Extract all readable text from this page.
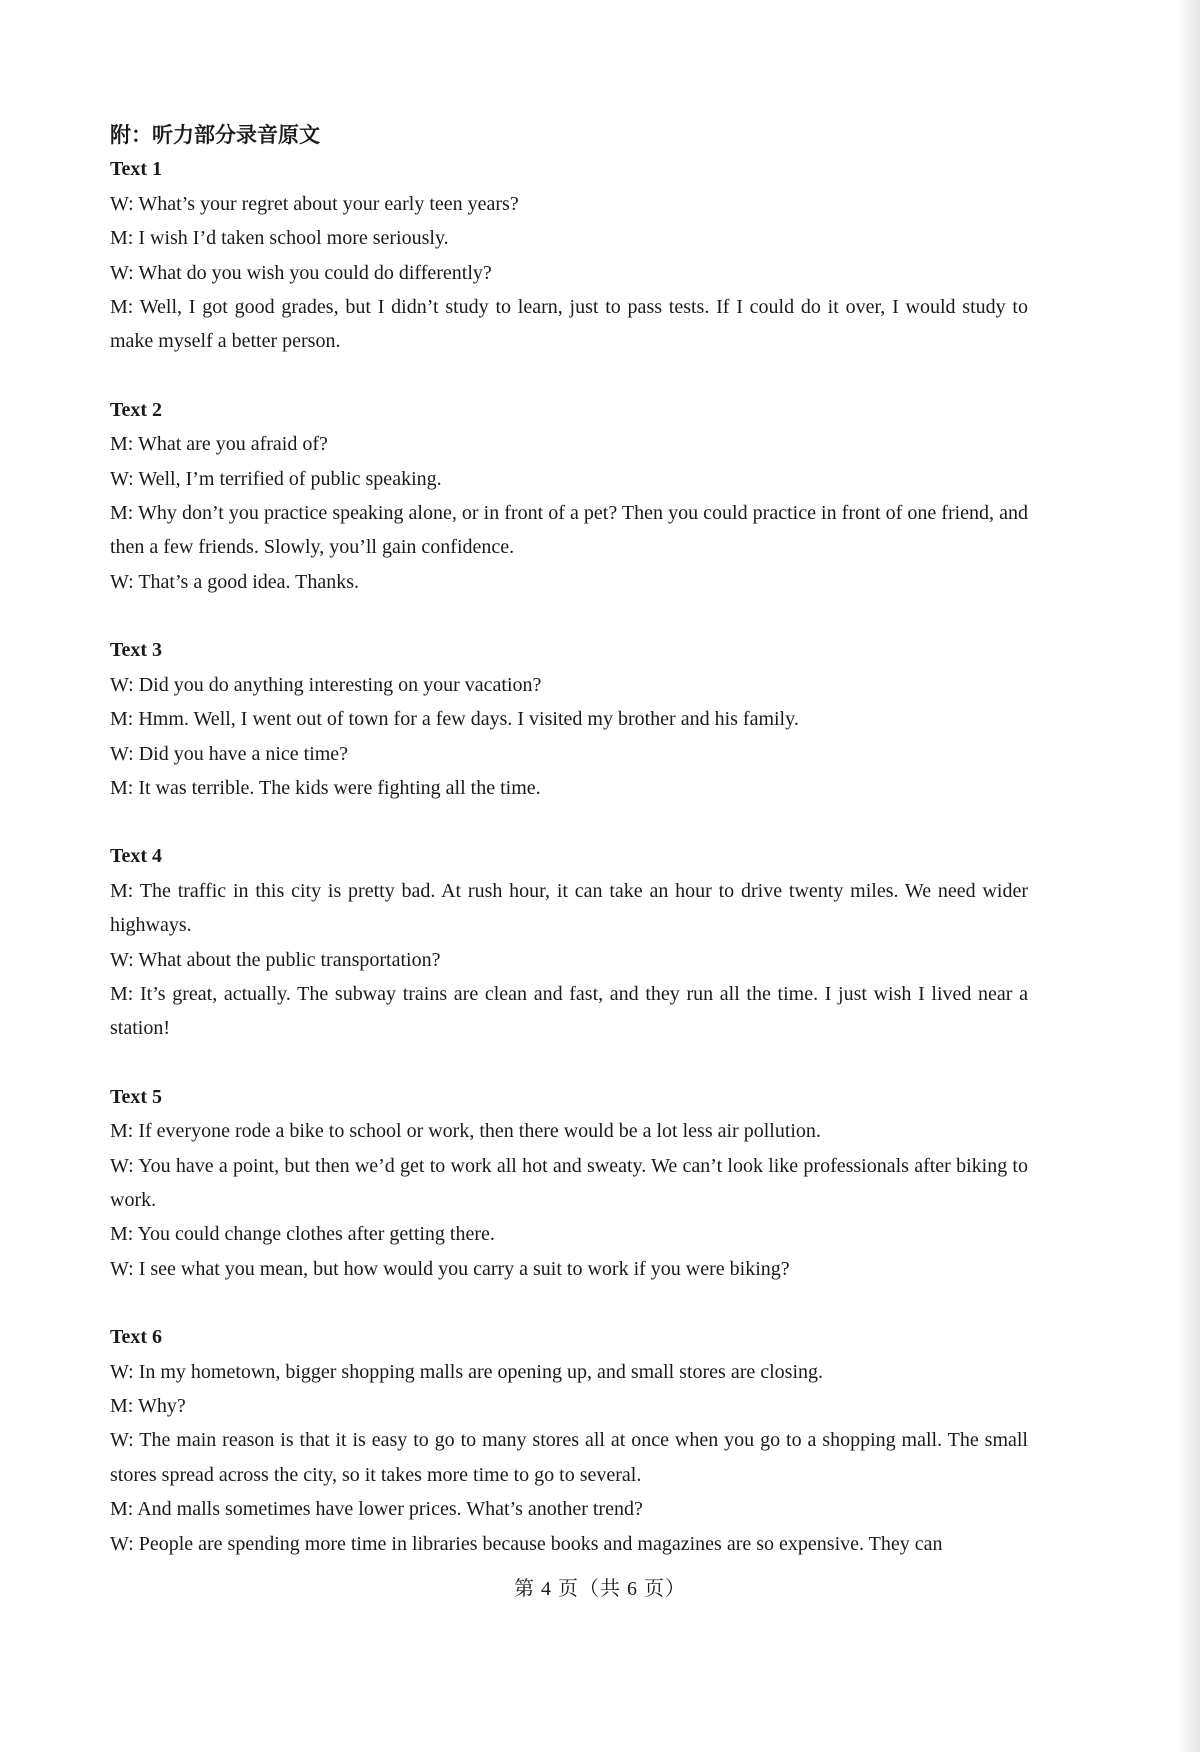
附：听力部分录音原文

Text 1

W: What’s your regret about your early teen years?

M: I wish I’d taken school more seriously.

W: What do you wish you could do differently?

M: Well, I got good grades, but I didn’t study to learn, just to pass tests. If I could do it over, I would study to make myself a better person.

Text 2

M: What are you afraid of?

W: Well, I’m terrified of public speaking.

M: Why don’t you practice speaking alone, or in front of a pet? Then you could practice in front of one friend, and then a few friends. Slowly, you’ll gain confidence.

W: That’s a good idea. Thanks.

Text 3

W: Did you do anything interesting on your vacation?

M: Hmm. Well, I went out of town for a few days. I visited my brother and his family.

W: Did you have a nice time?

M: It was terrible. The kids were fighting all the time.

Text 4

M: The traffic in this city is pretty bad. At rush hour, it can take an hour to drive twenty miles. We need wider highways.

W: What about the public transportation?

M: It’s great, actually. The subway trains are clean and fast, and they run all the time. I just wish I lived near a station!

Text 5

M: If everyone rode a bike to school or work, then there would be a lot less air pollution.

W: You have a point, but then we’d get to work all hot and sweaty. We can’t look like professionals after biking to work.

M: You could change clothes after getting there.

W: I see what you mean, but how would you carry a suit to work if you were biking?

Text 6

W: In my hometown, bigger shopping malls are opening up, and small stores are closing.

M: Why?

W: The main reason is that it is easy to go to many stores all at once when you go to a shopping mall. The small stores spread across the city, so it takes more time to go to several.

M: And malls sometimes have lower prices. What’s another trend?

W: People are spending more time in libraries because books and magazines are so expensive. They can

第 4 页（共 6 页）
